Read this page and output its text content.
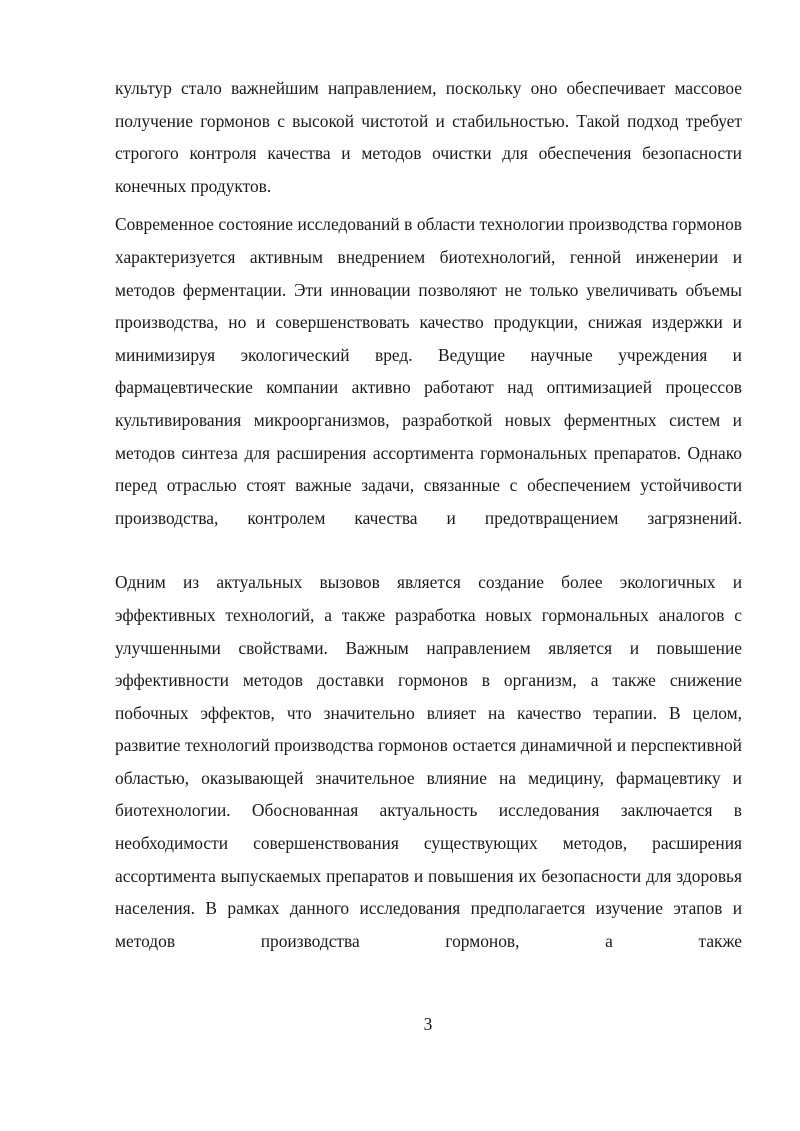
культур стало важнейшим направлением, поскольку оно обеспечивает массовое получение гормонов с высокой чистотой и стабильностью. Такой подход требует строгого контроля качества и методов очистки для обеспечения безопасности конечных продуктов.

Современное состояние исследований в области технологии производства гормонов характеризуется активным внедрением биотехнологий, генной инженерии и методов ферментации. Эти инновации позволяют не только увеличивать объемы производства, но и совершенствовать качество продукции, снижая издержки и минимизируя экологический вред. Ведущие научные учреждения и фармацевтические компании активно работают над оптимизацией процессов культивирования микроорганизмов, разработкой новых ферментных систем и методов синтеза для расширения ассортимента гормональных препаратов. Однако перед отраслью стоят важные задачи, связанные с обеспечением устойчивости производства, контролем качества и предотвращением загрязнений.

Одним из актуальных вызовов является создание более экологичных и эффективных технологий, а также разработка новых гормональных аналогов с улучшенными свойствами. Важным направлением является и повышение эффективности методов доставки гормонов в организм, а также снижение побочных эффектов, что значительно влияет на качество терапии. В целом, развитие технологий производства гормонов остается динамичной и перспективной областью, оказывающей значительное влияние на медицину, фармацевтику и биотехнологии. Обоснованная актуальность исследования заключается в необходимости совершенствования существующих методов, расширения ассортимента выпускаемых препаратов и повышения их безопасности для здоровья населения. В рамках данного исследования предполагается изучение этапов и методов производства гормонов, а также

3
